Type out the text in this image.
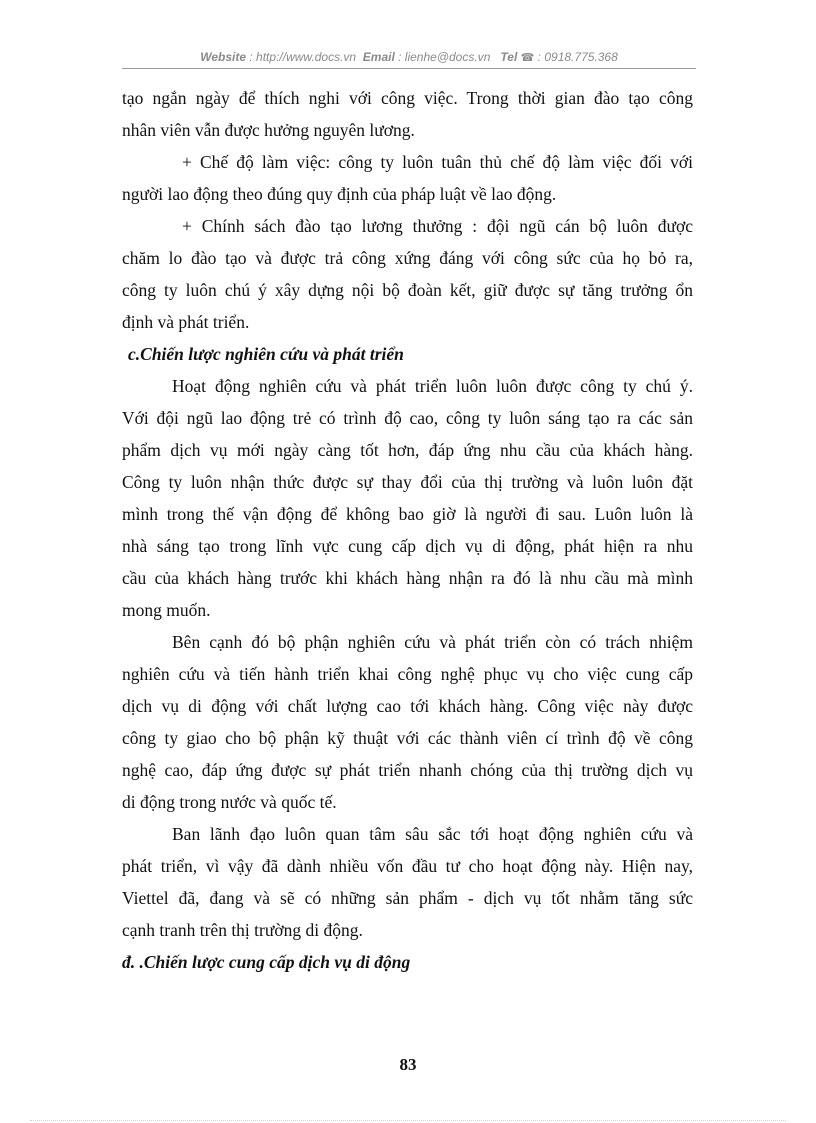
Website : http://www.docs.vn Email : lienhe@docs.vn Tel ☎ : 0918.775.368
tạo ngắn ngày để thích nghi với công việc. Trong thời gian đào tạo công
nhân viên vẫn được hưởng nguyên lương.
+ Chế độ làm việc: công ty luôn tuân thủ chế độ làm việc đối với
người lao động theo đúng quy định của pháp luật về lao động.
+ Chính sách đào tạo lương thưởng : đội ngũ cán bộ luôn được
chăm lo đào tạo và được trả công xứng đáng với công sức của họ bỏ ra,
công ty luôn chú ý xây dựng nội bộ đoàn kết, giữ được sự tăng trưởng ổn
định và phát triển.
c.Chiến lược nghiên cứu và phát triển
Hoạt động nghiên cứu và phát triển luôn luôn được công ty chú ý.
Với đội ngũ lao động trẻ có trình độ cao, công ty luôn sáng tạo ra các sản
phẩm dịch vụ mới ngày càng tốt hơn, đáp ứng nhu cầu của khách hàng.
Công ty luôn nhận thức được sự thay đổi của thị trường và luôn luôn đặt
mình trong thế vận động để không bao giờ là người đi sau. Luôn luôn là
nhà sáng tạo trong lĩnh vực cung cấp dịch vụ di động, phát hiện ra nhu
cầu của khách hàng trước khi khách hàng nhận ra đó là nhu cầu mà mình
mong muốn.
Bên cạnh đó bộ phận nghiên cứu và phát triển còn có trách nhiệm
nghiên cứu và tiến hành triển khai công nghệ phục vụ cho việc cung cấp
dịch vụ di động với chất lượng cao tới khách hàng. Công việc này được
công ty giao cho bộ phận kỹ thuật với các thành viên cí trình độ về công
nghệ cao, đáp ứng được sự phát triển nhanh chóng của thị trường dịch vụ
di động trong nước và quốc tế.
Ban lãnh đạo luôn quan tâm sâu sắc tới hoạt động nghiên cứu và
phát triển, vì vậy đã dành nhiều vốn đầu tư cho hoạt động này. Hiện nay,
Viettel đã, đang và sẽ có những sản phẩm - dịch vụ tốt nhằm tăng sức
cạnh tranh trên thị trường di động.
đ. .Chiến lược cung cấp dịch vụ di động
83
